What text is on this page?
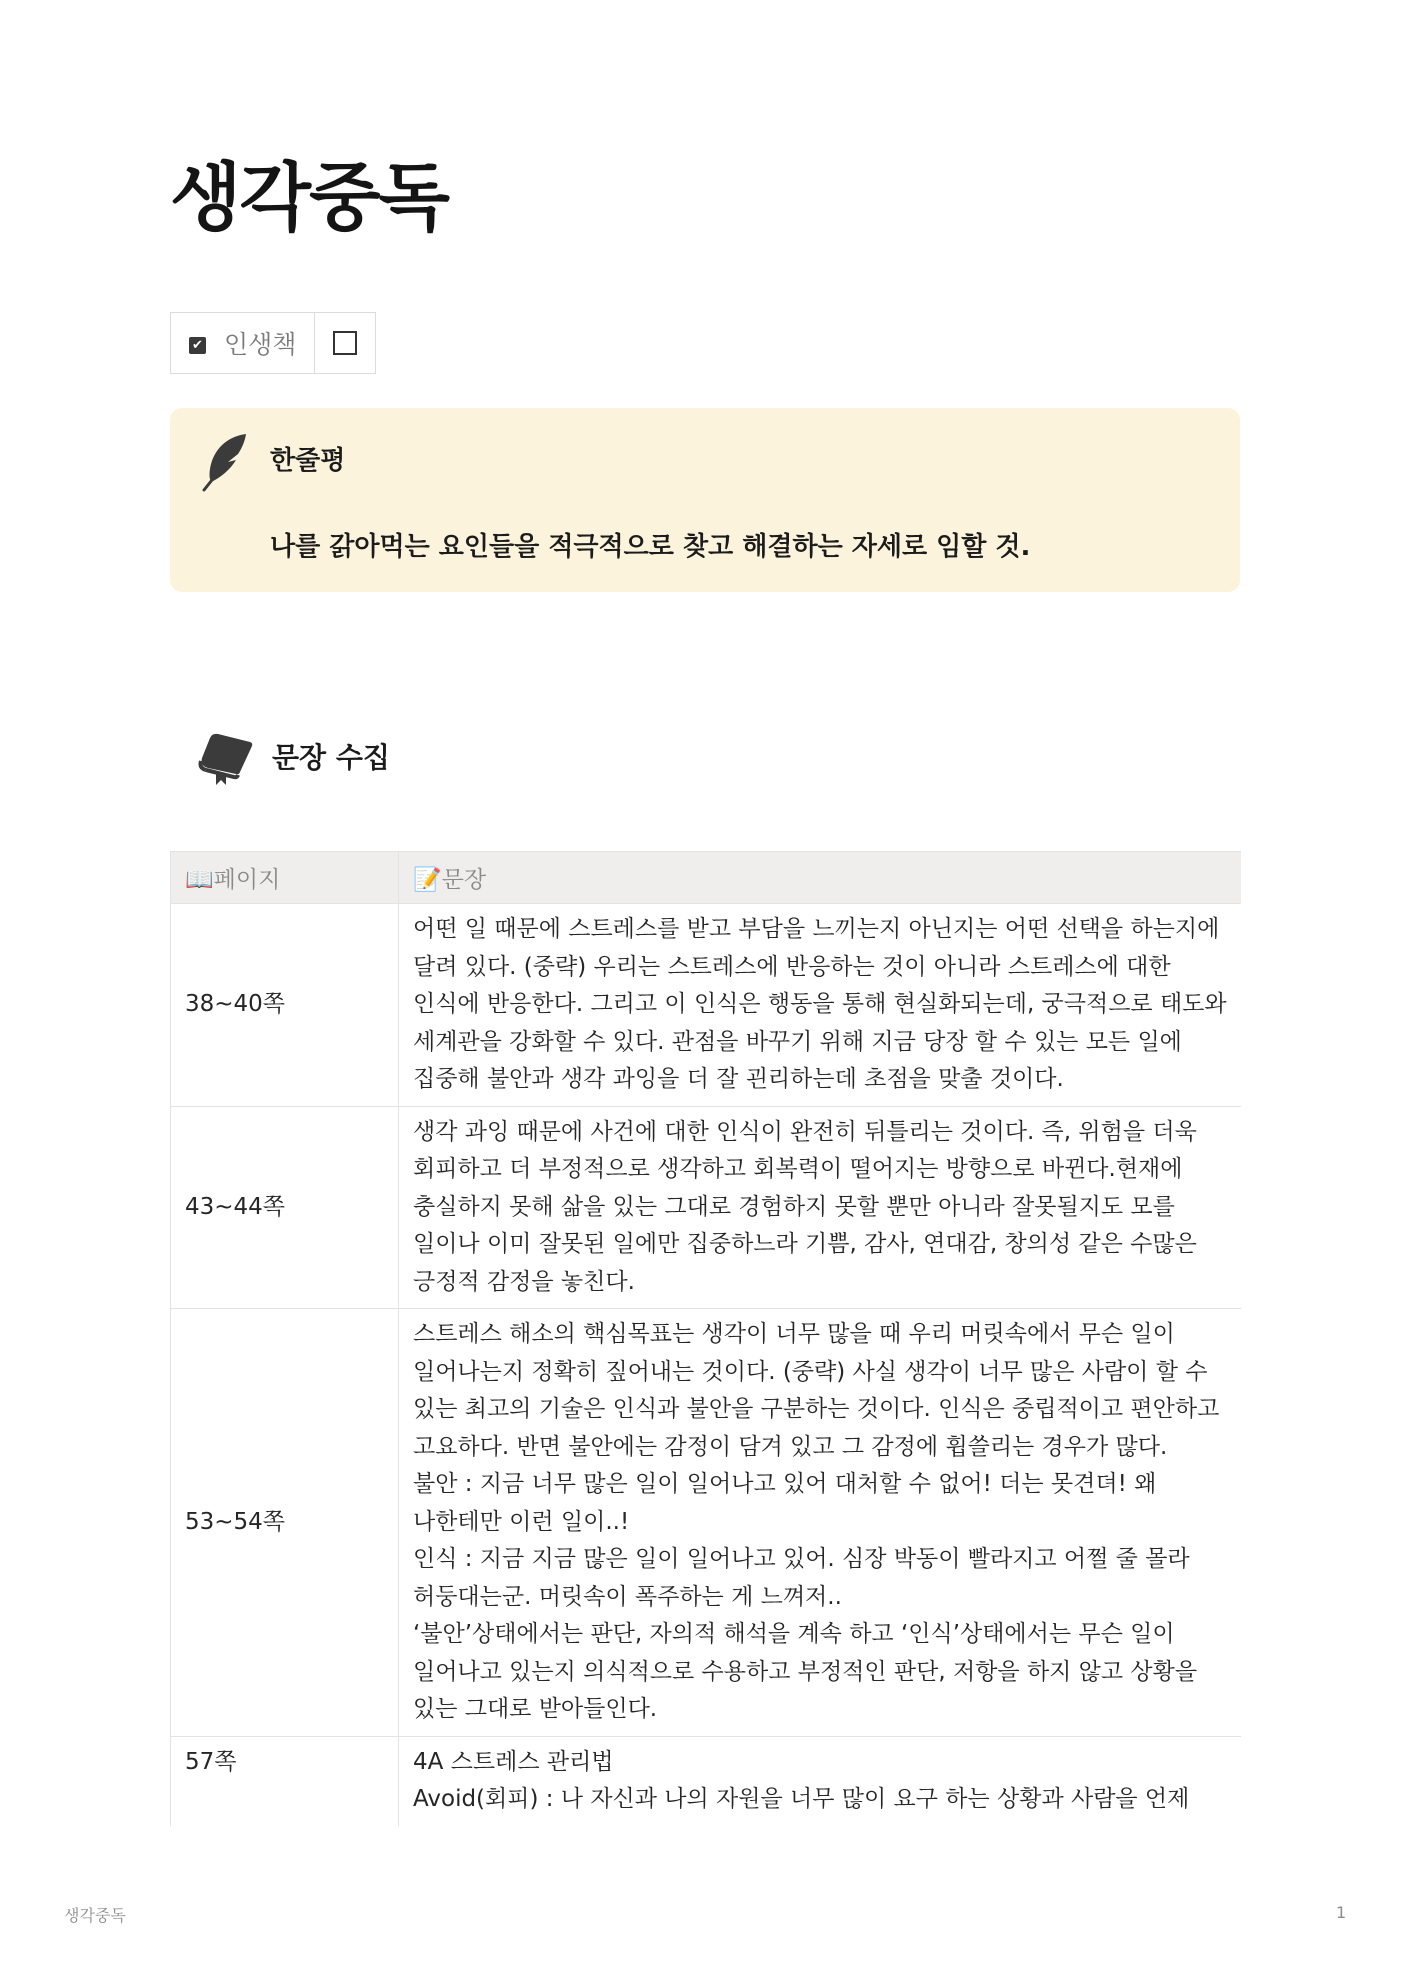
생각중독
✔ 인생책
한줄평
나를 갉아먹는 요인들을 적극적으로 찾고 해결하는 자세로 임할 것.
문장 수집
📖페이지	📝문장
38~40쪽	어떤 일 때문에 스트레스를 받고 부담을 느끼는지 아닌지는 어떤 선택을 하는지에 달려 있다. (중략) 우리는 스트레스에 반응하는 것이 아니라 스트레스에 대한 인식에 반응한다. 그리고 이 인식은 행동을 통해 현실화되는데, 궁극적으로 태도와 세계관을 강화할 수 있다. 관점을 바꾸기 위해 지금 당장 할 수 있는 모든 일에 집중해 불안과 생각 과잉을 더 잘 괸리하는데 초점을 맞출 것이다.
43~44쪽	생각 과잉 때문에 사건에 대한 인식이 완전히 뒤틀리는 것이다. 즉, 위험을 더욱 회피하고 더 부정적으로 생각하고 회복력이 떨어지는 방향으로 바뀐다.현재에 충실하지 못해 삶을 있는 그대로 경험하지 못할 뿐만 아니라 잘못될지도 모를 일이나 이미 잘못된 일에만 집중하느라 기쁨, 감사, 연대감, 창의성 같은 수많은 긍정적 감정을 놓친다.
53~54쪽	스트레스 해소의 핵심목표는 생각이 너무 많을 때 우리 머릿속에서 무슨 일이 일어나는지 정확히 짚어내는 것이다. (중략) 사실 생각이 너무 많은 사람이 할 수 있는 최고의 기술은 인식과 불안을 구분하는 것이다. 인식은 중립적이고 편안하고 고요하다. 반면 불안에는 감정이 담겨 있고 그 감정에 휩쓸리는 경우가 많다.
불안 : 지금 너무 많은 일이 일어나고 있어 대처할 수 없어! 더는 못견뎌! 왜 나한테만 이런 일이..!
인식 : 지금 지금 많은 일이 일어나고 있어. 심장 박동이 빨라지고 어쩔 줄 몰라 허둥대는군. 머릿속이 폭주하는 게 느껴저..
‘불안’상태에서는 판단, 자의적 해석을 계속 하고 ‘인식’상태에서는 무슨 일이 일어나고 있는지 의식적으로 수용하고 부정적인 판단, 저항을 하지 않고 상황을 있는 그대로 받아들인다.
57쪽	4A 스트레스 관리법
Avoid(회피) : 나 자신과 나의 자원을 너무 많이 요구 하는 상황과 사람을 언제
생각중독	1
